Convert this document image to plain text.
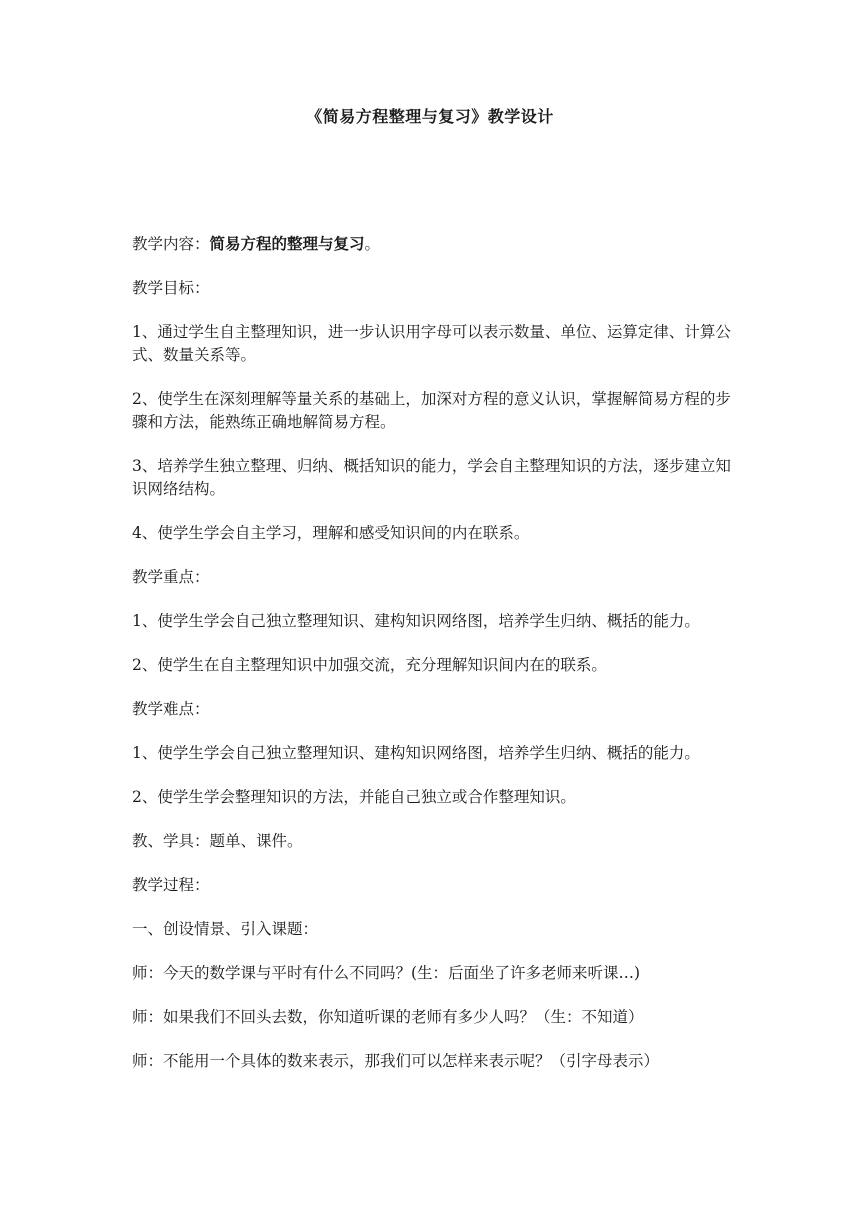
《简易方程整理与复习》教学设计

教学内容：简易方程的整理与复习。

教学目标：

1、通过学生自主整理知识，进一步认识用字母可以表示数量、单位、运算定律、计算公式、数量关系等。

2、使学生在深刻理解等量关系的基础上，加深对方程的意义认识，掌握解简易方程的步骤和方法，能熟练正确地解简易方程。

3、培养学生独立整理、归纳、概括知识的能力，学会自主整理知识的方法，逐步建立知识网络结构。

4、使学生学会自主学习，理解和感受知识间的内在联系。

教学重点：

1、使学生学会自己独立整理知识、建构知识网络图，培养学生归纳、概括的能力。

2、使学生在自主整理知识中加强交流，充分理解知识间内在的联系。

教学难点：

1、使学生学会自己独立整理知识、建构知识网络图，培养学生归纳、概括的能力。

2、使学生学会整理知识的方法，并能自己独立或合作整理知识。

教、学具：题单、课件。

教学过程：

一、创设情景、引入课题：

师：今天的数学课与平时有什么不同吗？(生：后面坐了许多老师来听课…)

师：如果我们不回头去数，你知道听课的老师有多少人吗？（生：不知道）

师：不能用一个具体的数来表示，那我们可以怎样来表示呢？（引字母表示）
